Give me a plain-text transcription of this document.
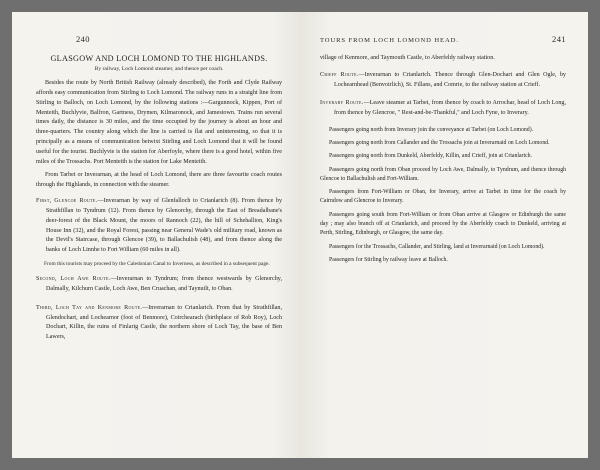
240
GLASGOW AND LOCH LOMOND TO THE HIGHLANDS.
By railway, Loch Lomond steamer, and thence per coach.

Besides the route by North British Railway (already described), the Forth and Clyde Railway affords easy communication from Stirling to Loch Lomond. The railway runs in a straight line from Stirling to Balloch, on Loch Lomond, by the following stations :—Gargunnock, Kippen, Port of Menteith, Buchlyvie, Balfron, Gartness, Drymen, Kilmaronock, and Jamestown. Trains run several times daily, the distance is 30 miles, and the time occupied by the journey is about an hour and three-quarters. The country along which the line is carried is flat and uninteresting, so that it is principally as a means of communication betwixt Stirling and Loch Lomond that it will be found useful for the tourist. Buchlyvie is the station for Aberfoyle, where there is a good hotel, within five miles of the Trossachs. Port Menteith is the station for Lake Menteith.

From Tarbet or Inverarnan, at the head of Loch Lomond, there are three favourite coach routes through the Highlands, in connection with the steamer.

First, Glencoe Route.—Inverarnan by way of Glenfalloch to Crianlarich (8). From thence by Strathfillan to Tyndrum (12). From thence by Glenorchy, through the East of Breadalbane's deer-forest of the Black Mount, the moors of Rannoch (22), the hill of Schehallion, King's House Inn (32), and the Royal Forest, passing near General Wade's old military road, known as the Devil's Staircase, through Glencoe (39), to Ballachulish (48), and from thence along the banks of Loch Linnhe to Fort William (60 miles in all).

From this tourists may proceed by the Caledonian Canal to Inverness, as described in a subsequent page.

Second, Loch Awe Route.—Inverarnan to Tyndrum; from thence westwards by Glenorchy, Dalmally, Kilchurn Castle, Loch Awe, Ben Cruachan, and Taynuilt, to Oban.
Third, Loch Tay and Kenmore Route.—Inverarnan to Crianlarich. From that by Strathfillan, Glendochart, and Lochearnor (foot of Benmore), Coirchearach (birthplace of Rob Roy), Loch Dochart, Killin, the ruins of Finlarig Castle, the northern shore of Loch Tay, the base of Ben Lawers,
TOURS FROM LOCH LOMOND HEAD.	241

village of Kenmore, and Taymouth Castle, to Aberfeldy railway station.

Crieff Route.—Inverarnan to Crianlarich. Thence through Glen-Dochart and Glen Ogle, by Lochearnhead (Benvoirlich), St. Fillans, and Comrie, to the railway station at Crieff.
Inverary Route.—Leave steamer at Tarbet, from thence by coach to Arrochar, head of Loch Long, from thence by Glencroe, " Rest-and-be-Thankful," and Loch Fyne, to Inverary.

Passengers going north from Inverary join the conveyance at Tarbet (on Loch Lomond).

Passengers going north from Callander and the Trossachs join at Inverarnaid on Loch Lomond.

Passengers going north from Dunkeld, Aberfeldy, Killin, and Crieff, join at Crianlarich.

Passengers going north from Oban proceed by Loch Awe, Dalmally, to Tyndrum, and thence through Glencoe to Ballachulish and Fort-William.

Passengers from Fort-William or Oban, for Inverary, arrive at Tarbet in time for the coach by Cairndow and Glencroe to Inverary.

Passengers going south from Fort-William or from Oban arrive at Glasgow or Edinburgh the same day ; may also branch off at Crianlarich, and proceed by the Aberfeldy coach to Dunkeld, arriving at Perth, Stirling, Edinburgh, or Glasgow, the same day.

Passengers for the Trossachs, Callander, and Stirling, land at Inverarnaid (on Loch Lomond).

Passengers for Stirling by railway leave at Balloch.
